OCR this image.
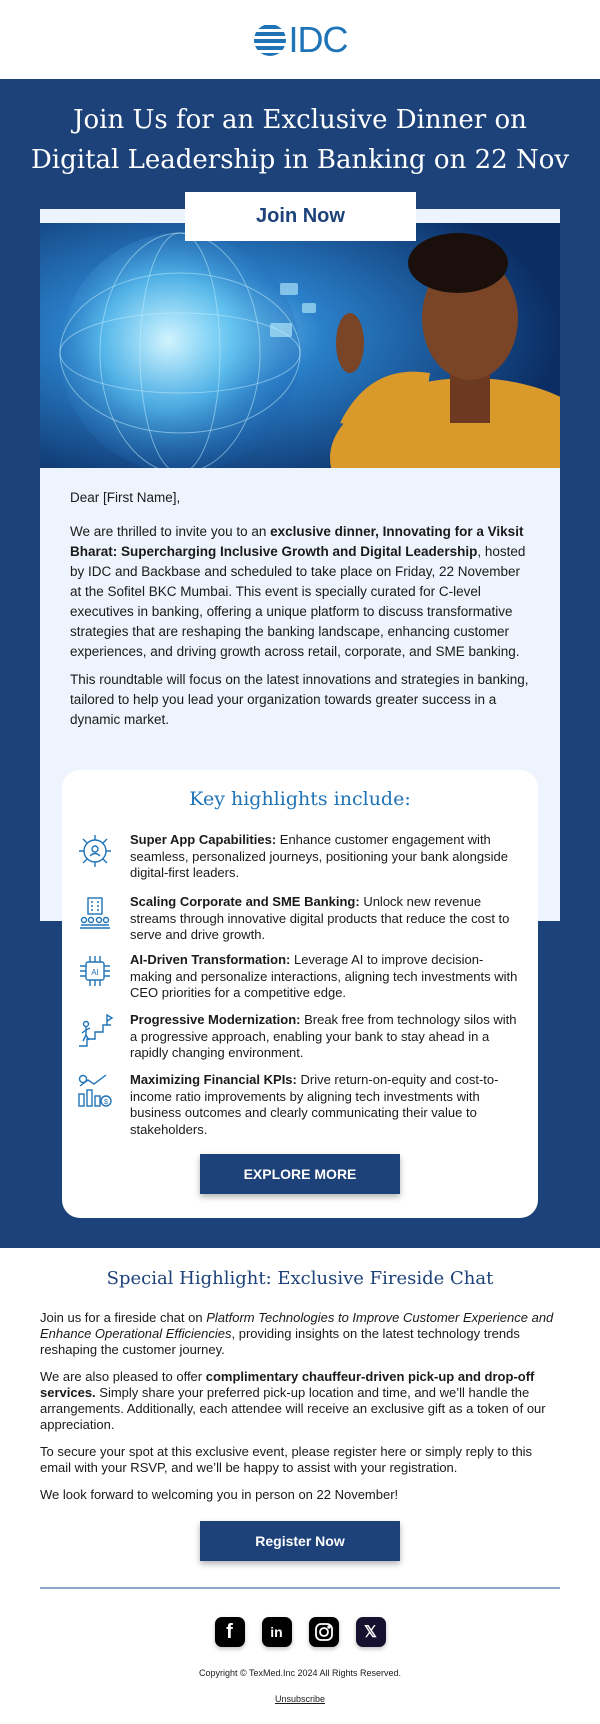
IDC
Join Us for an Exclusive Dinner on Digital Leadership in Banking on 22 Nov
Join Now

Dear [First Name],

We are thrilled to invite you to an exclusive dinner, Innovating for a Viksit Bharat: Supercharging Inclusive Growth and Digital Leadership, hosted by IDC and Backbase and scheduled to take place on Friday, 22 November at the Sofitel BKC Mumbai. This event is specially curated for C-level executives in banking, offering a unique platform to discuss transformative strategies that are reshaping the banking landscape, enhancing customer experiences, and driving growth across retail, corporate, and SME banking.

This roundtable will focus on the latest innovations and strategies in banking, tailored to help you lead your organization towards greater success in a dynamic market.

Key highlights include:
Super App Capabilities: Enhance customer engagement with seamless, personalized journeys, positioning your bank alongside digital-first leaders.
Scaling Corporate and SME Banking: Unlock new revenue streams through innovative digital products that reduce the cost to serve and drive growth.
AI
AI-Driven Transformation: Leverage AI to improve decision-making and personalize interactions, aligning tech investments with CEO priorities for a competitive edge.
Progressive Modernization: Break free from technology silos with a progressive approach, enabling your bank to stay ahead in a rapidly changing environment.
$
Maximizing Financial KPIs: Drive return-on-equity and cost-to-income ratio improvements by aligning tech investments with business outcomes and clearly communicating their value to stakeholders.
EXPLORE MORE
Special Highlight: Exclusive Fireside Chat

Join us for a fireside chat on Platform Technologies to Improve Customer Experience and Enhance Operational Efficiencies, providing insights on the latest technology trends reshaping the customer journey.

We are also pleased to offer complimentary chauffeur-driven pick-up and drop-off services. Simply share your preferred pick-up location and time, and we’ll handle the arrangements. Additionally, each attendee will receive an exclusive gift as a token of our appreciation.

To secure your spot at this exclusive event, please register here or simply reply to this email with your RSVP, and we’ll be happy to assist with your registration.

We look forward to welcoming you in person on 22 November!

Register Now
f	in	𝕏
Copyright © TexMed.Inc 2024 All Rights Reserved.
Unsubscribe
